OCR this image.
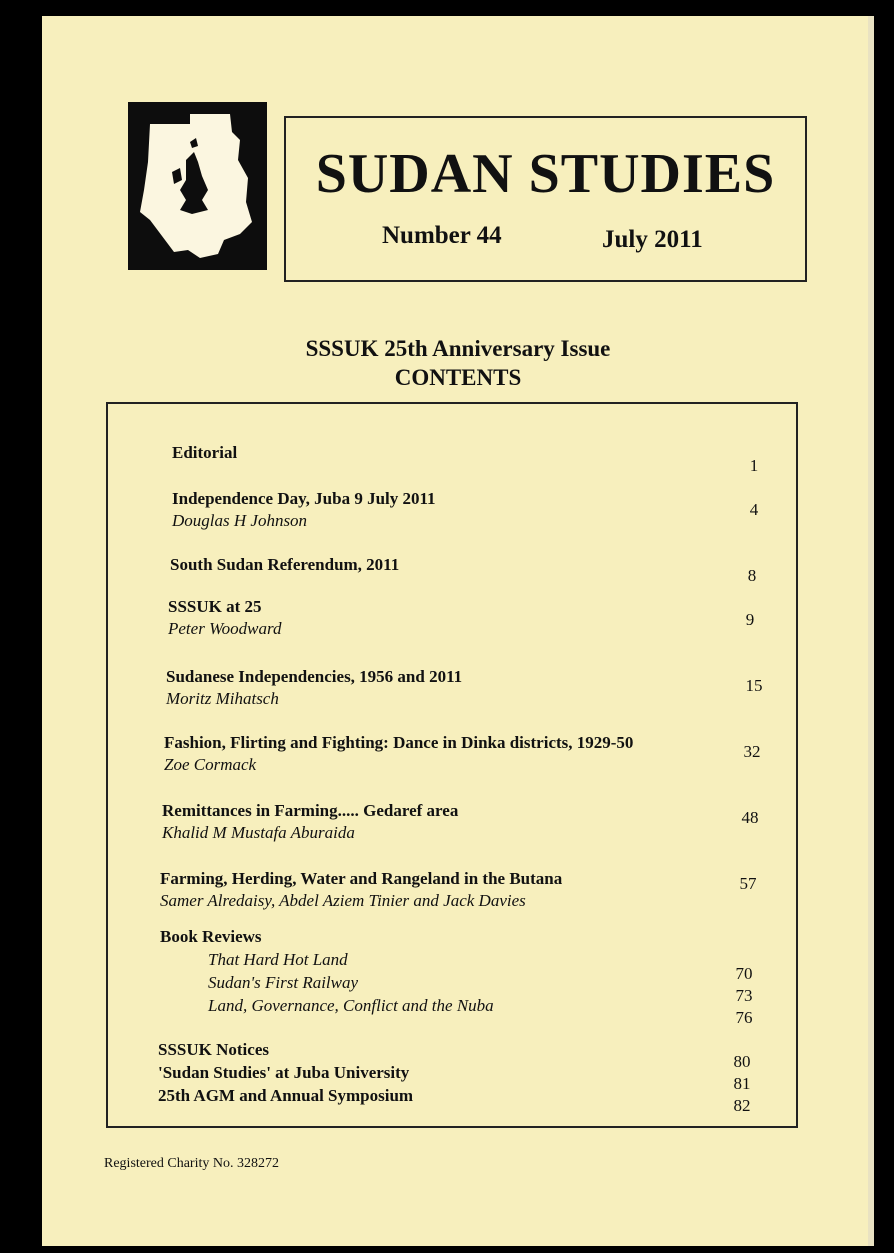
SUDAN STUDIES
Number 44	July 2011
SSSUK 25th Anniversary Issue
CONTENTS
Editorial
1
Independence Day, Juba 9 July 2011
Douglas H Johnson
4
South Sudan Referendum, 2011
8
SSSUK at 25
Peter Woodward	9
Sudanese Independencies, 1956 and 2011
Moritz Mihatsch
15
Fashion, Flirting and Fighting: Dance in Dinka districts, 1929-50
Zoe Cormack
32
Remittances in Farming..... Gedaref area
Khalid M Mustafa Aburaida
48
Farming, Herding, Water and Rangeland in the Butana
Samer Alredaisy, Abdel Aziem Tinier and Jack Davies
57
Book Reviews
That Hard Hot Land
Sudan's First Railway
Land, Governance, Conflict and the Nuba
70
73
76
SSSUK Notices
'Sudan Studies' at Juba University
25th AGM and Annual Symposium
80
81
82
Registered Charity No. 328272
